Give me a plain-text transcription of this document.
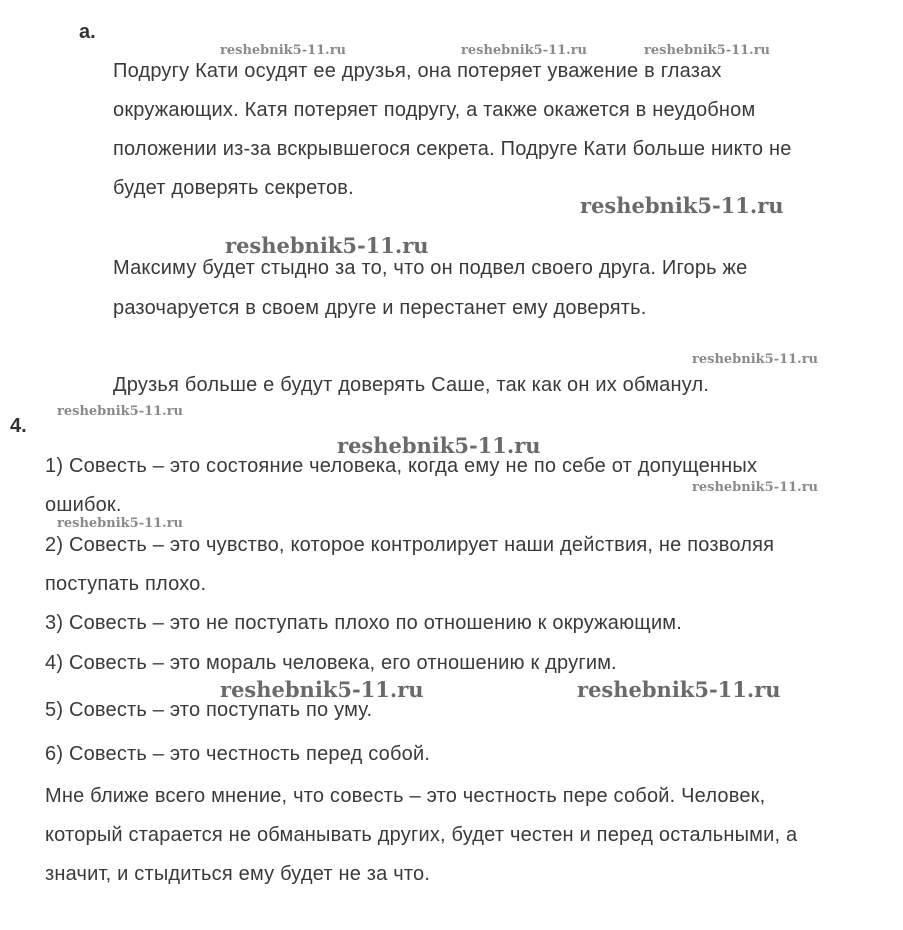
а.
Подругу Кати осудят ее друзья, она потеряет уважение в глазах
окружающих. Катя потеряет подругу, а также окажется в неудобном
положении из-за вскрывшегося секрета. Подруге Кати больше никто не
будет доверять секретов.
Максиму будет стыдно за то, что он подвел своего друга. Игорь же
разочаруется в своем друге и перестанет ему доверять.
Друзья больше е будут доверять Саше, так как он их обманул.
4.
1) Совесть – это состояние человека, когда ему не по себе от допущенных
ошибок.
2) Совесть – это чувство, которое контролирует наши действия, не позволяя
поступать плохо.
3) Совесть – это не поступать плохо по отношению к окружающим.
4) Совесть – это мораль человека, его отношению к другим.
5) Совесть – это поступать по уму.
6) Совесть – это честность перед собой.
Мне ближе всего мнение, что совесть – это честность пере собой. Человек,
который старается не обманывать других, будет честен и перед остальными, а
значит, и стыдиться ему будет не за что.
reshebnik5-11.ru	reshebnik5-11.ru	reshebnik5-11.ru
reshebnik5-11.ru
reshebnik5-11.ru
reshebnik5-11.ru
reshebnik5-11.ru
reshebnik5-11.ru
reshebnik5-11.ru
reshebnik5-11.ru
reshebnik5-11.ru	reshebnik5-11.ru
